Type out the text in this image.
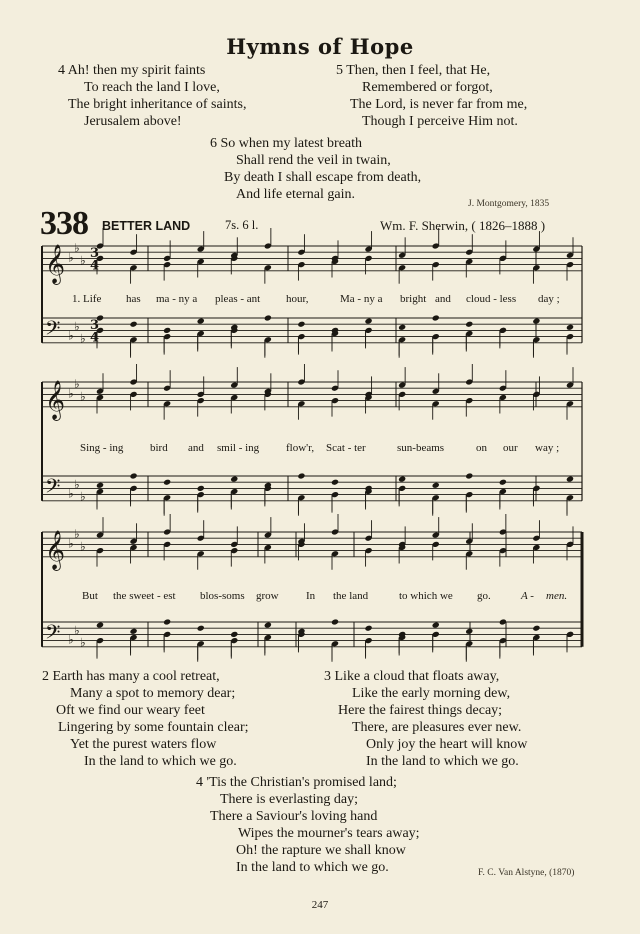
Hymns of Hope
4 Ah! then my spirit faints
To reach the land I love,
The bright inheritance of saints,
Jerusalem above!
5 Then, then I feel, that He,
Remembered or forgot,
The Lord, is never far from me,
Though I perceive Him not.
6 So when my latest breath
Shall rend the veil in twain,
By death I shall escape from death,
And life eternal gain.
J. Montgomery, 1835
338 BETTER LAND	7s. 6 l.	Wm. F. Sherwin, ( 1826–1888 )
𝄞 ♭
♭
♭
𝄢 ♭
♭
♭
𝄞 ♭
♭
♭
𝄢 ♭
♭
♭
𝄞 ♭
♭
♭
𝄢 ♭
♭
♭
3
4
3
4
1. Life has ma - ny a pleas - ant hour,	Ma - ny a bright and cloud - less day ;
Sing - ing bird and smil - ing flow'r, Scat - ter	sun-beams	on our way ;
But the sweet - est blos-soms grow In the land	to which we go.	A - men.
2 Earth has many a cool retreat,
Many a spot to memory dear;
Oft we find our weary feet
Lingering by some fountain clear;
Yet the purest waters flow
In the land to which we go.
3 Like a cloud that floats away,
Like the early morning dew,
Here the fairest things decay;
There, are pleasures ever new.
Only joy the heart will know
In the land to which we go.
4 'Tis the Christian's promised land;
There is everlasting day;
There a Saviour's loving hand
Wipes the mourner's tears away;
Oh! the rapture we shall know
In the land to which we go.	F. C. Van Alstyne, (1870)
247
